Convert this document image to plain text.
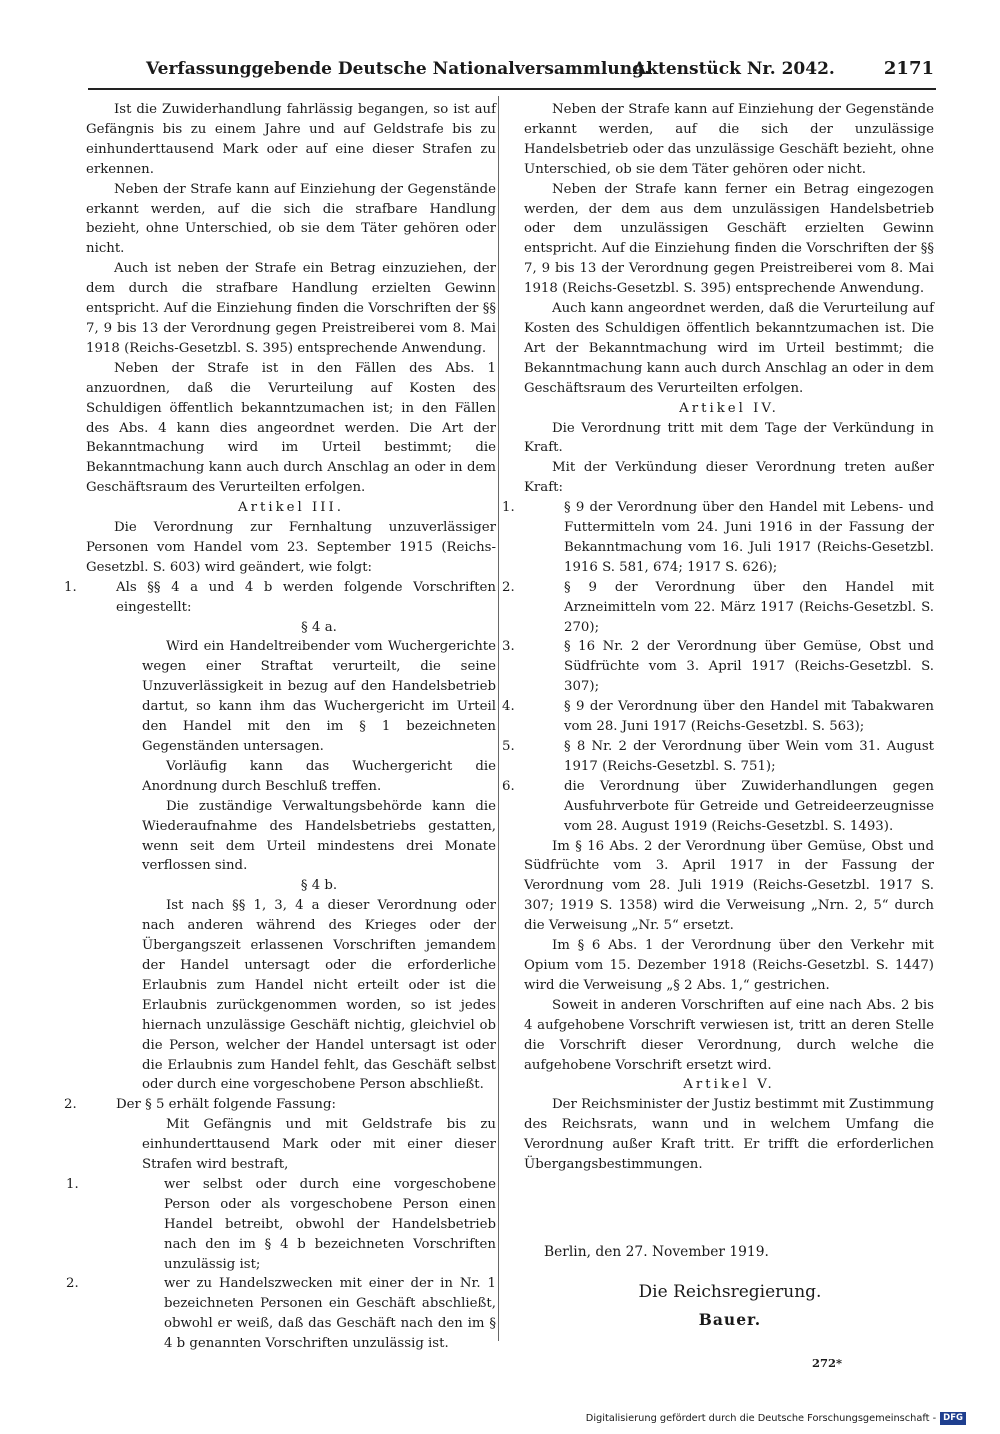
Verfassunggebende Deutsche Nationalversammlung.
Aktenstück Nr. 2042.	2171

Ist die Zuwiderhandlung fahrlässig begangen, so ist auf Gefängnis bis zu einem Jahre und auf Geldstrafe bis zu einhunderttausend Mark oder auf eine dieser Strafen zu erkennen.

Neben der Strafe kann auf Einziehung der Gegenstände erkannt werden, auf die sich die strafbare Handlung bezieht, ohne Unterschied, ob sie dem Täter gehören oder nicht.

Auch ist neben der Strafe ein Betrag einzuziehen, der dem durch die strafbare Handlung erzielten Gewinn entspricht. Auf die Einziehung finden die Vorschriften der §§ 7, 9 bis 13 der Verordnung gegen Preistreiberei vom 8. Mai 1918 (Reichs-Gesetzbl. S. 395) entsprechende Anwendung.

Neben der Strafe ist in den Fällen des Abs. 1 anzuordnen, daß die Verurteilung auf Kosten des Schuldigen öffentlich bekanntzumachen ist; in den Fällen des Abs. 4 kann dies angeordnet werden. Die Art der Bekanntmachung wird im Urteil bestimmt; die Bekanntmachung kann auch durch Anschlag an oder in dem Geschäftsraum des Verurteilten erfolgen.

Artikel III.

Die Verordnung zur Fernhaltung unzuverlässiger Personen vom Handel vom 23. September 1915 (Reichs-Gesetzbl. S. 603) wird geändert, wie folgt:

1.	Als §§ 4 a und 4 b werden folgende Vorschriften eingestellt:

§ 4 a.

Wird ein Handeltreibender vom Wuchergerichte wegen einer Straftat verurteilt, die seine Unzuverlässigkeit in bezug auf den Handelsbetrieb dartut, so kann ihm das Wuchergericht im Urteil den Handel mit den im § 1 bezeichneten Gegenständen untersagen.

Vorläufig kann das Wuchergericht die Anordnung durch Beschluß treffen.

Die zuständige Verwaltungsbehörde kann die Wiederaufnahme des Handelsbetriebs gestatten, wenn seit dem Urteil mindestens drei Monate verflossen sind.

§ 4 b.

Ist nach §§ 1, 3, 4 a dieser Verordnung oder nach anderen während des Krieges oder der Übergangszeit erlassenen Vorschriften jemandem der Handel untersagt oder die erforderliche Erlaubnis zum Handel nicht erteilt oder ist die Erlaubnis zurückgenommen worden, so ist jedes hiernach unzulässige Geschäft nichtig, gleichviel ob die Person, welcher der Handel untersagt ist oder die Erlaubnis zum Handel fehlt, das Geschäft selbst oder durch eine vorgeschobene Person abschließt.

2.	Der § 5 erhält folgende Fassung:

Mit Gefängnis und mit Geldstrafe bis zu einhunderttausend Mark oder mit einer dieser Strafen wird bestraft,

1.	wer selbst oder durch eine vorgeschobene Person oder als vorgeschobene Person einen Handel betreibt, obwohl der Handelsbetrieb nach den im § 4 b bezeichneten Vorschriften unzulässig ist;

2.	wer zu Handelszwecken mit einer der in Nr. 1 bezeichneten Personen ein Geschäft abschließt, obwohl er weiß, daß das Geschäft nach den im § 4 b genannten Vorschriften unzulässig ist.

Neben der Strafe kann auf Einziehung der Gegenstände erkannt werden, auf die sich der unzulässige Handelsbetrieb oder das unzulässige Geschäft bezieht, ohne Unterschied, ob sie dem Täter gehören oder nicht.

Neben der Strafe kann ferner ein Betrag eingezogen werden, der dem aus dem unzulässigen Handelsbetrieb oder dem unzulässigen Geschäft erzielten Gewinn entspricht. Auf die Einziehung finden die Vorschriften der §§ 7, 9 bis 13 der Verordnung gegen Preistreiberei vom 8. Mai 1918 (Reichs-Gesetzbl. S. 395) entsprechende Anwendung.

Auch kann angeordnet werden, daß die Verurteilung auf Kosten des Schuldigen öffentlich bekanntzumachen ist. Die Art der Bekanntmachung wird im Urteil bestimmt; die Bekanntmachung kann auch durch Anschlag an oder in dem Geschäftsraum des Verurteilten erfolgen.

Artikel IV.

Die Verordnung tritt mit dem Tage der Verkündung in Kraft.

Mit der Verkündung dieser Verordnung treten außer Kraft:

1.	§ 9 der Verordnung über den Handel mit Lebens- und Futtermitteln vom 24. Juni 1916 in der Fassung der Bekanntmachung vom 16. Juli 1917 (Reichs-Gesetzbl. 1916 S. 581, 674; 1917 S. 626);

2.	§ 9 der Verordnung über den Handel mit Arzneimitteln vom 22. März 1917 (Reichs-Gesetzbl. S. 270);

3.	§ 16 Nr. 2 der Verordnung über Gemüse, Obst und Südfrüchte vom 3. April 1917 (Reichs-Gesetzbl. S. 307);

4.	§ 9 der Verordnung über den Handel mit Tabakwaren vom 28. Juni 1917 (Reichs-Gesetzbl. S. 563);

5.	§ 8 Nr. 2 der Verordnung über Wein vom 31. August 1917 (Reichs-Gesetzbl. S. 751);

6.	die Verordnung über Zuwiderhandlungen gegen Ausfuhrverbote für Getreide und Getreideerzeugnisse vom 28. August 1919 (Reichs-Gesetzbl. S. 1493).

Im § 16 Abs. 2 der Verordnung über Gemüse, Obst und Südfrüchte vom 3. April 1917 in der Fassung der Verordnung vom 28. Juli 1919 (Reichs-Gesetzbl. 1917 S. 307; 1919 S. 1358) wird die Verweisung „Nrn. 2, 5“ durch die Verweisung „Nr. 5“ ersetzt.

Im § 6 Abs. 1 der Verordnung über den Verkehr mit Opium vom 15. Dezember 1918 (Reichs-Gesetzbl. S. 1447) wird die Verweisung „§ 2 Abs. 1,“ gestrichen.

Soweit in anderen Vorschriften auf eine nach Abs. 2 bis 4 aufgehobene Vorschrift verwiesen ist, tritt an deren Stelle die Vorschrift dieser Verordnung, durch welche die aufgehobene Vorschrift ersetzt wird.

Artikel V.

Der Reichsminister der Justiz bestimmt mit Zustimmung des Reichsrats, wann und in welchem Umfang die Verordnung außer Kraft tritt. Er trifft die erforderlichen Übergangsbestimmungen.

Berlin, den 27. November 1919.
Die Reichsregierung.
Bauer.
272*
Digitalisierung gefördert durch die Deutsche Forschungsgemeinschaft - DFG
